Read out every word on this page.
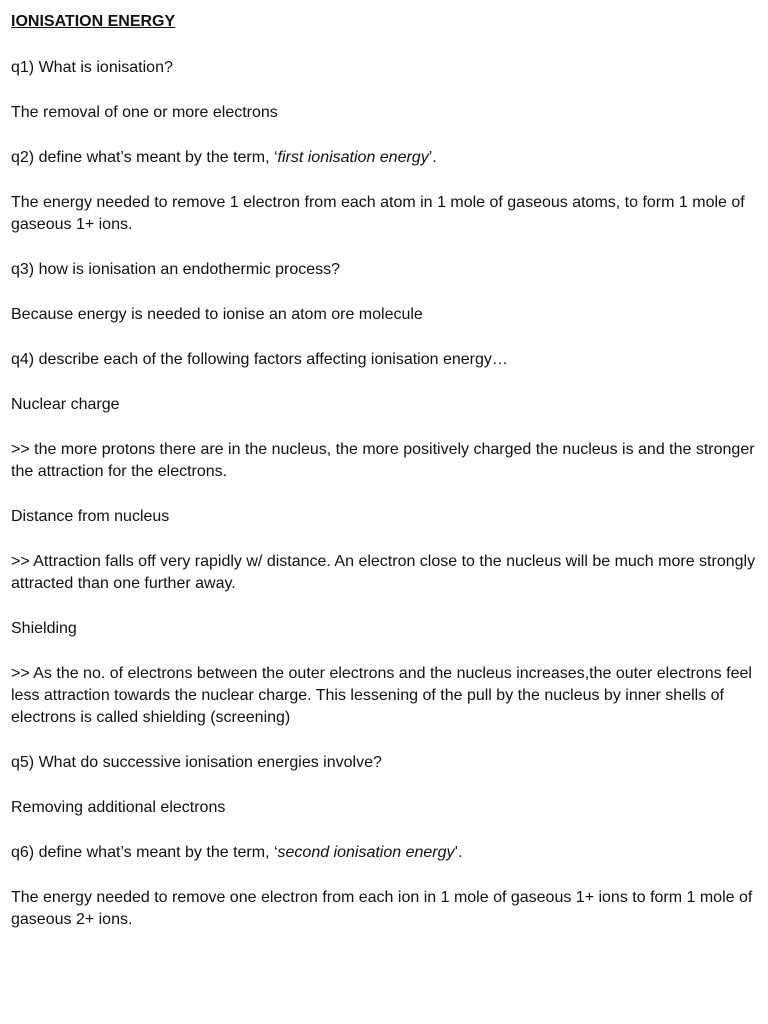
IONISATION ENERGY

q1) What is ionisation?

The removal of one or more electrons

q2) define what’s meant by the term, ‘first ionisation energy’.

The energy needed to remove 1 electron from each atom in 1 mole of gaseous atoms, to form 1 mole of gaseous 1+ ions.

q3) how is ionisation an endothermic process?

Because energy is needed to ionise an atom ore molecule

q4) describe each of the following factors affecting ionisation energy…

Nuclear charge

>> the more protons there are in the nucleus, the more positively charged the nucleus is and the stronger the attraction for the electrons.

Distance from nucleus

>> Attraction falls off very rapidly w/ distance. An electron close to the nucleus will be much more strongly attracted than one further away.

Shielding

>> As the no. of electrons between the outer electrons and the nucleus increases,the outer electrons feel less attraction towards the nuclear charge. This lessening of the pull by the nucleus by inner shells of electrons is called shielding (screening)

q5) What do successive ionisation energies involve?

Removing additional electrons

q6) define what’s meant by the term, ‘second ionisation energy’.

The energy needed to remove one electron from each ion in 1 mole of gaseous 1+ ions to form 1 mole of gaseous 2+ ions.
